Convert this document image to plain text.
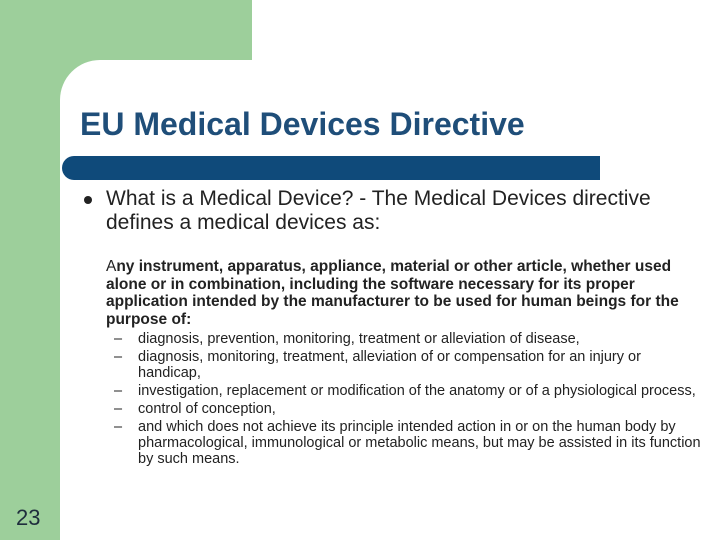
EU Medical Devices Directive
What is a Medical Device? - The Medical Devices directive defines a medical devices as:
Any instrument, apparatus, appliance, material or other article, whether used alone or in combination, including the software necessary for its proper application intended by the manufacturer to be used for human beings for the purpose of:
–	diagnosis, prevention, monitoring, treatment or alleviation of disease,
–	diagnosis, monitoring, treatment, alleviation of or compensation for an injury or handicap,
–	investigation, replacement or modification of the anatomy or of a physiological process,
–	control of conception,
–	and which does not achieve its principle intended action in or on the human body by pharmacological, immunological or metabolic means, but may be assisted in its function by such means.
23
